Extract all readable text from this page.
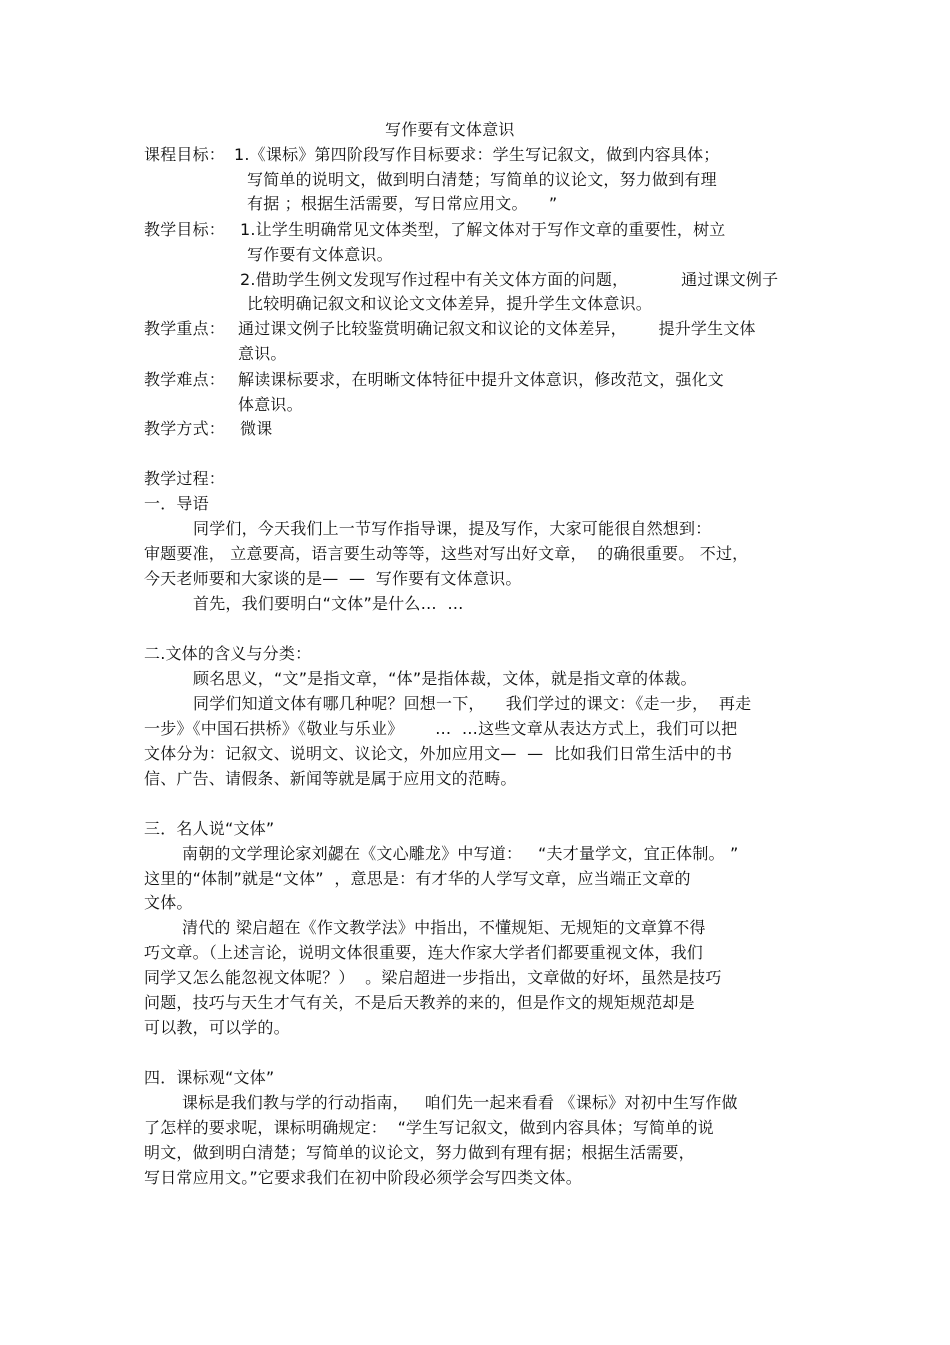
写作要有文体意识
课程目标： 1.《课标》第四阶段写作目标要求：学生写记叙文，做到内容具体；
写简单的说明文，做到明白清楚；写简单的议论文，努力做到有理
有据 ；根据生活需要，写日常应用文。    ”
教学目标： 1.让学生明确常见文体类型，了解文体对于写作文章的重要性，树立
写作要有文体意识。
2.借助学生例文发现写作过程中有关文体方面的问题，          通过课文例子
比较明确记叙文和议论文文体差异，提升学生文体意识。
教学重点： 通过课文例子比较鉴赏明确记叙文和议论的文体差异，      提升学生文体
意识。
教学难点： 解读课标要求，在明晰文体特征中提升文体意识，修改范文，强化文
体意识。
教学方式： 微课
教学过程：
一．导语
同学们，今天我们上一节写作指导课，提及写作，大家可能很自然想到：
审题要准， 立意要高，语言要生动等等，这些对写出好文章，  的确很重要。 不过，
今天老师要和大家谈的是—  —  写作要有文体意识。
首先，我们要明白“文体”是什么…  …
二.文体的含义与分类：
顾名思义，“文”是指文章，“体”是指体裁，文体，就是指文章的体裁。
同学们知道文体有哪几种呢？回想一下，    我们学过的课文：《走一步，  再走
一步》《中国石拱桥》《敬业与乐业》      …  …这些文章从表达方式上，我们可以把
文体分为：记叙文、说明文、议论文，外加应用文—  —  比如我们日常生活中的书
信、广告、请假条、新闻等就是属于应用文的范畴。
三．名人说“文体”
南朝的文学理论家刘勰在《文心雕龙》中写道：   “夫才量学文，宜正体制。 ”
这里的“体制”就是“文体”  ，意思是：有才华的人学写文章，应当端正文章的
文体。
清代的 梁启超在《作文教学法》中指出，不懂规矩、无规矩的文章算不得
巧文章。（上述言论，说明文体很重要，连大作家大学者们都要重视文体，我们
同学又怎么能忽视文体呢？）  。梁启超进一步指出，文章做的好坏，虽然是技巧
问题，技巧与天生才气有关，不是后天教养的来的，但是作文的规矩规范却是
可以教，可以学的。
四．课标观“文体”
课标是我们教与学的行动指南，   咱们先一起来看看 《课标》对初中生写作做
了怎样的要求呢，课标明确规定：  “学生写记叙文，做到内容具体；写简单的说
明文，做到明白清楚；写简单的议论文，努力做到有理有据；根据生活需要，
写日常应用文。”它要求我们在初中阶段必须学会写四类文体。
